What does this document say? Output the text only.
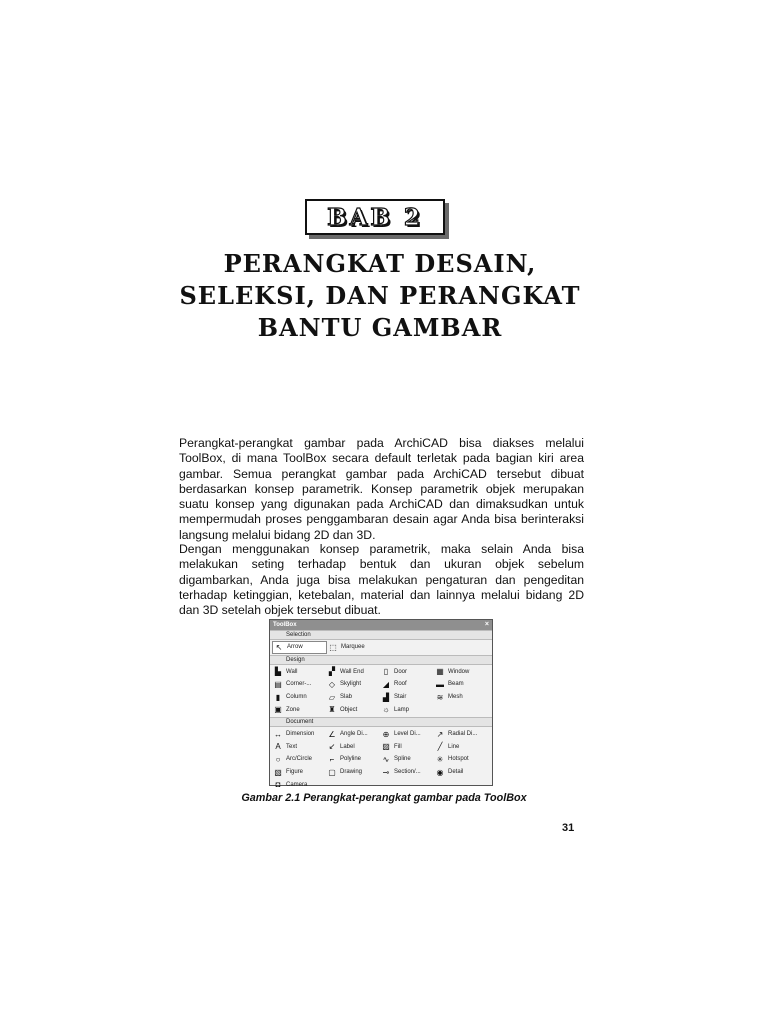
BAB 2
PERANGKAT DESAIN,
SELEKSI, DAN PERANGKAT
BANTU GAMBAR

Perangkat-perangkat gambar pada ArchiCAD bisa diakses melalui ToolBox, di mana ToolBox secara default terletak pada bagian kiri area gambar. Semua perangkat gambar pada ArchiCAD tersebut dibuat berdasarkan konsep parametrik. Konsep parametrik objek merupakan suatu konsep yang digunakan pada ArchiCAD dan dimaksudkan untuk mempermudah proses penggambaran desain agar Anda bisa berinteraksi langsung melalui bidang 2D dan 3D.

Dengan menggunakan konsep parametrik, maka selain Anda bisa melakukan seting terhadap bentuk dan ukuran objek sebelum digambarkan, Anda juga bisa melakukan pengaturan dan pengeditan terhadap ketinggian, ketebalan, material dan lainnya melalui bidang 2D dan 3D setelah objek tersebut dibuat.

ToolBox	×
Selection
↖ Arrow	⬚ Marquee
Design
▙ Wall	▞ Wall End	▯ Door	▦ Window
▤ Corner-... ◇ Skylight	◢ Roof	▬ Beam
▮ Column	▱ Slab	▟ Stair	≋ Mesh
▣ Zone	♜ Object	☼ Lamp
Document
↔ Dimension ∠ Angle Di... ⊕ Level Di... ↗ Radial Di...
A Text	↙ Label	▨ Fill	╱ Line
○ Arc/Circle	⌐ Polyline	∿ Spline	✳ Hotspot
▧ Figure	▢ Drawing	⊸ Section/... ◉ Detail
◘ Camera

Gambar 2.1 Perangkat-perangkat gambar pada ToolBox

31
